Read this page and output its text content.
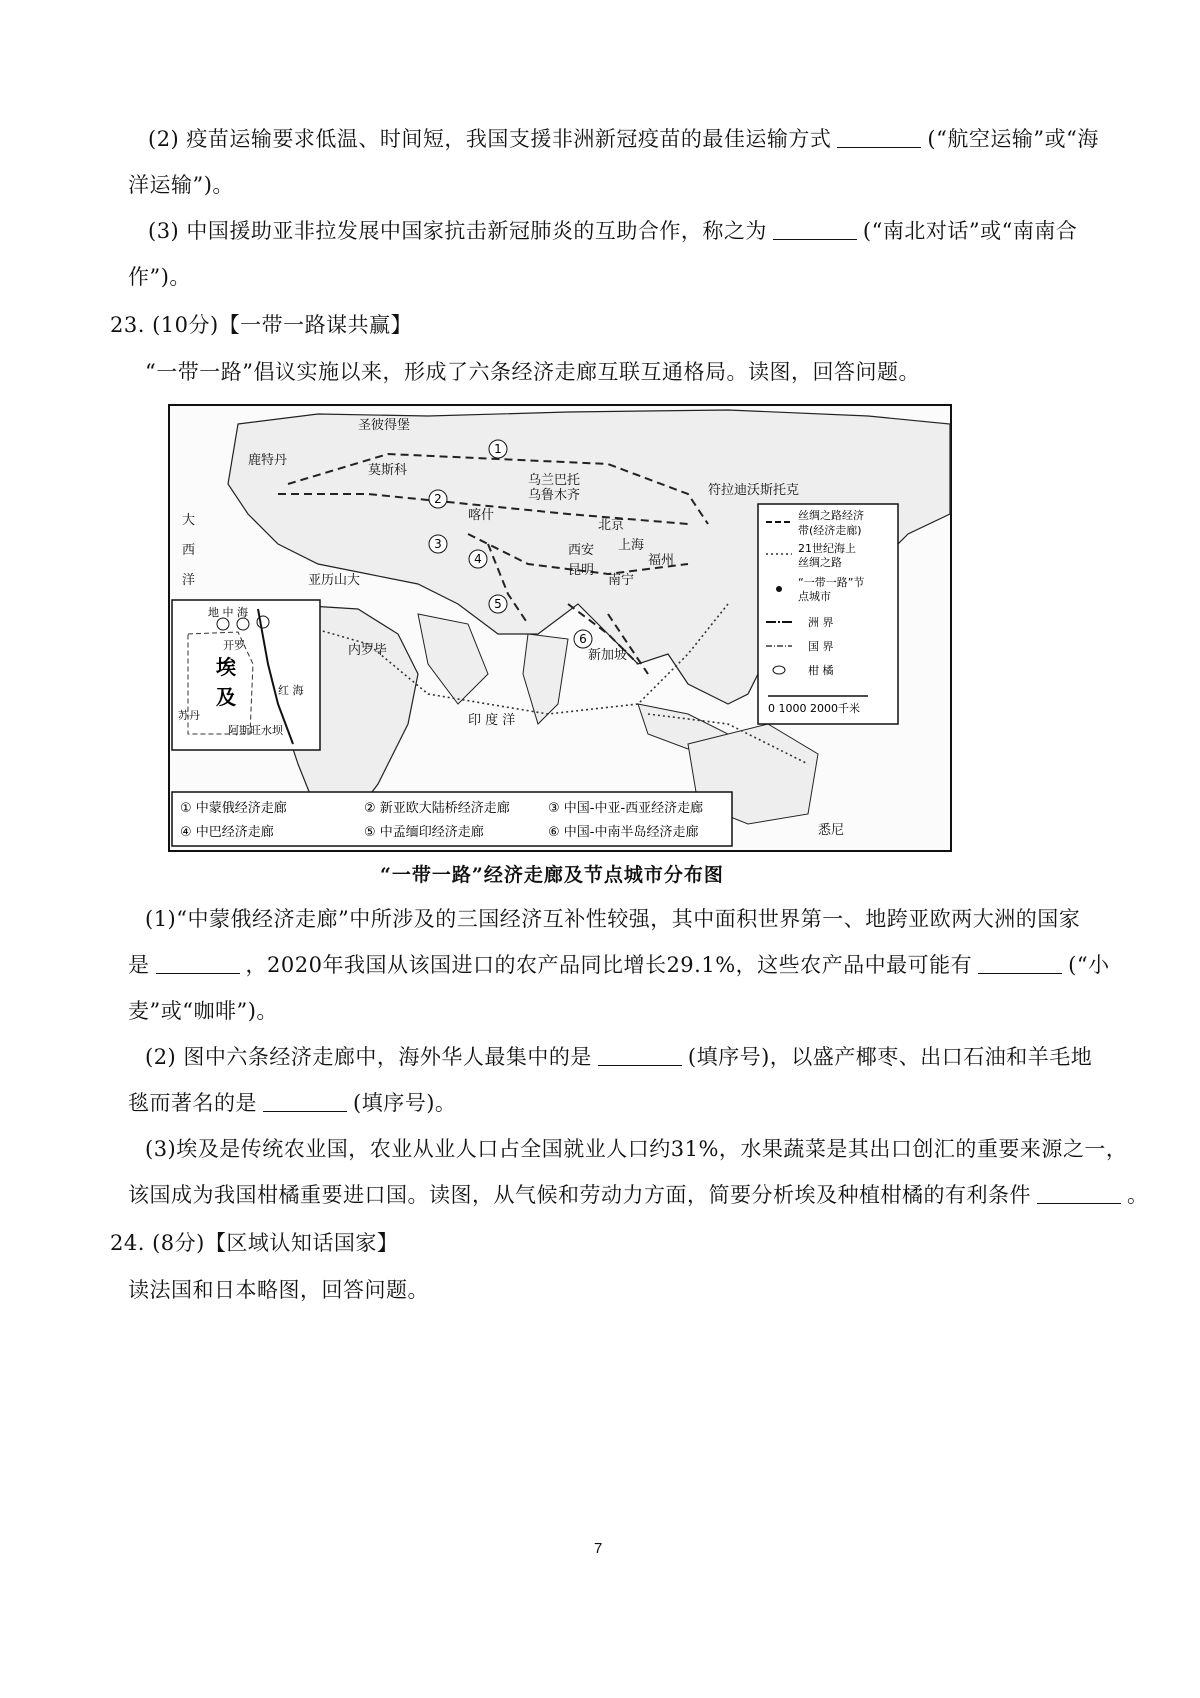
(2) 疫苗运输要求低温、时间短，我国支援非洲新冠疫苗的最佳运输方式	(“航空运输”或“海
洋运输”)。
(3) 中国援助亚非拉发展中国家抗击新冠肺炎的互助合作，称之为	(“南北对话”或“南南合
作”)。
23. (10分)【一带一路谋共赢】
“一带一路”倡议实施以来，形成了六条经济走廊互联互通格局。读图，回答问题。
1
2
3
4
5
6
大
西
洋
圣彼得堡
鹿特丹
莫斯科
乌兰巴托
乌鲁木齐
喀什
北京
符拉迪沃斯托克
西安 上海
昆明
南宁
福州
新加坡
亚历山大
内罗毕
悉尼
印 度 洋
地 中 海
开罗
红 海
苏丹
阿斯旺水坝
埃
及
丝绸之路经济
带(经济走廊)
21世纪海上
丝绸之路
“一带一路”节
点城市
洲 界
国 界
柑 橘
0 1000 2000千米
① 中蒙俄经济走廊	② 新亚欧大陆桥经济走廊	③ 中国-中亚-西亚经济走廊
④ 中巴经济走廊	⑤ 中孟缅印经济走廊	⑥ 中国-中南半岛经济走廊
“一带一路”经济走廊及节点城市分布图
(1)“中蒙俄经济走廊”中所涉及的三国经济互补性较强，其中面积世界第一、地跨亚欧两大洲的国家
是	，2020年我国从该国进口的农产品同比增长29.1%，这些农产品中最可能有	(“小
麦”或“咖啡”)。
(2) 图中六条经济走廊中，海外华人最集中的是	(填序号)，以盛产椰枣、出口石油和羊毛地
毯而著名的是	(填序号)。
(3)埃及是传统农业国，农业从业人口占全国就业人口约31%，水果蔬菜是其出口创汇的重要来源之一，
该国成为我国柑橘重要进口国。读图，从气候和劳动力方面，简要分析埃及种植柑橘的有利条件	。
24. (8分)【区域认知话国家】
读法国和日本略图，回答问题。
7
